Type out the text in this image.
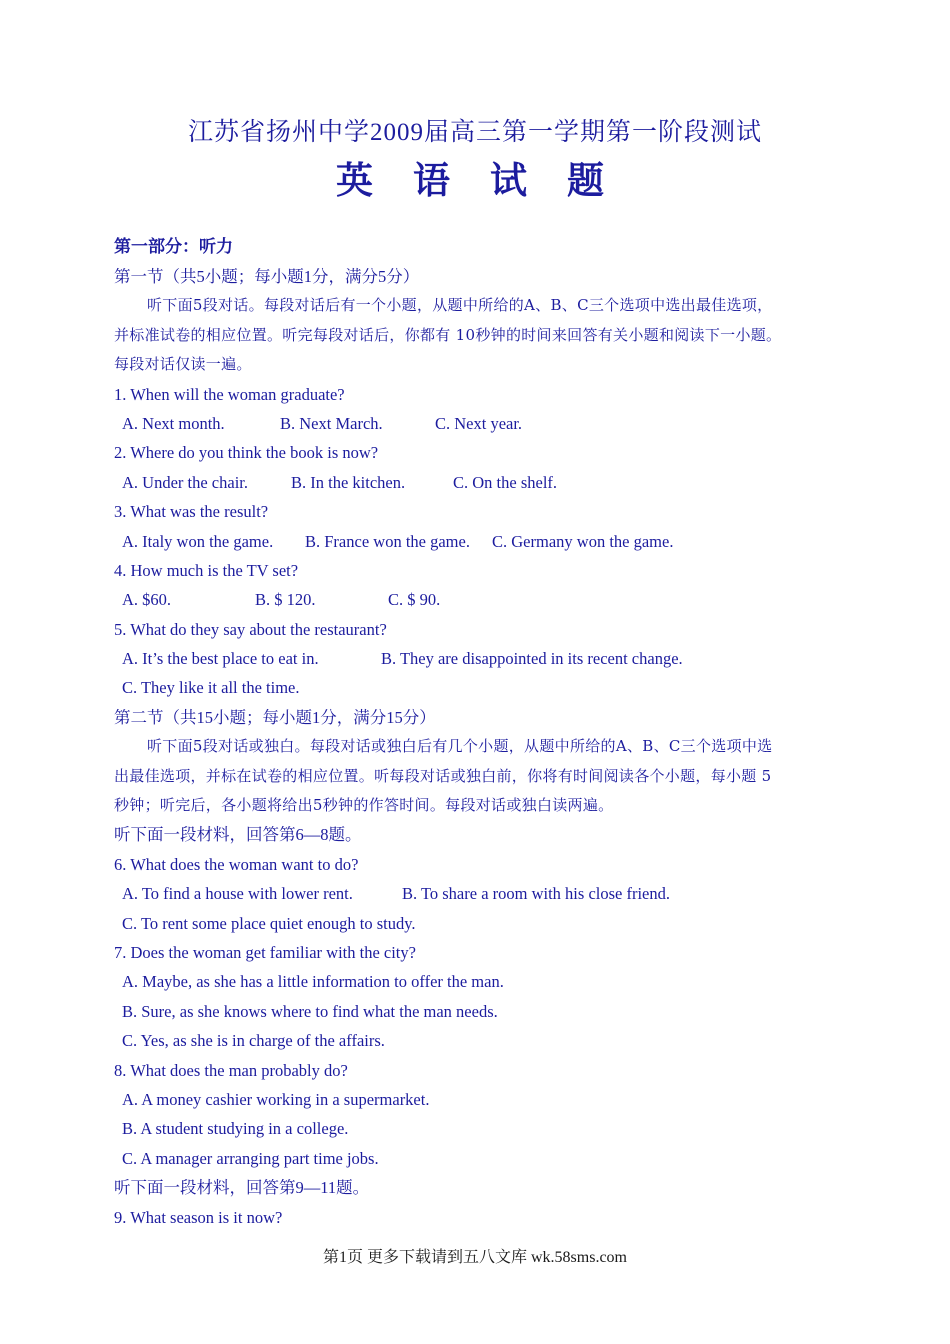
江苏省扬州中学2009届高三第一学期第一阶段测试
英语试题
第一部分：听力
第一节（共5小题；每小题1分，满分5分）
听下面5段对话。每段对话后有一个小题，从题中所给的A、B、C三个选项中选出最佳选项，
并标准试卷的相应位置。听完每段对话后，你都有 10秒钟的时间来回答有关小题和阅读下一小题。
每段对话仅读一遍。
1. When will the woman graduate?
A. Next month.	B. Next March.	C. Next year.
2. Where do you think the book is now?
A. Under the chair.	B. In the kitchen.	C. On the shelf.
3. What was the result?
A. Italy won the game. B. France won the game. C. Germany won the game.
4. How much is the TV set?
A. $60.	B. $ 120.	C. $ 90.
5. What do they say about the restaurant?
A. It’s the best place to eat in.	B. They are disappointed in its recent change.
C. They like it all the time.
第二节（共15小题；每小题1分，满分15分）
听下面5段对话或独白。每段对话或独白后有几个小题，从题中所给的A、B、C三个选项中选
出最佳选项，并标在试卷的相应位置。听每段对话或独白前，你将有时间阅读各个小题，每小题 5
秒钟；听完后，各小题将给出5秒钟的作答时间。每段对话或独白读两遍。
听下面一段材料，回答第6—8题。
6. What does the woman want to do?
A. To find a house with lower rent.	B. To share a room with his close friend.
C. To rent some place quiet enough to study.
7. Does the woman get familiar with the city?
A. Maybe, as she has a little information to offer the man.
B. Sure, as she knows where to find what the man needs.
C. Yes, as she is in charge of the affairs.
8. What does the man probably do?
A. A money cashier working in a supermarket.
B. A student studying in a college.
C. A manager arranging part time jobs.
听下面一段材料，回答第9—11题。
9. What season is it now?
第1页 更多下载请到五八文库 wk.58sms.com
